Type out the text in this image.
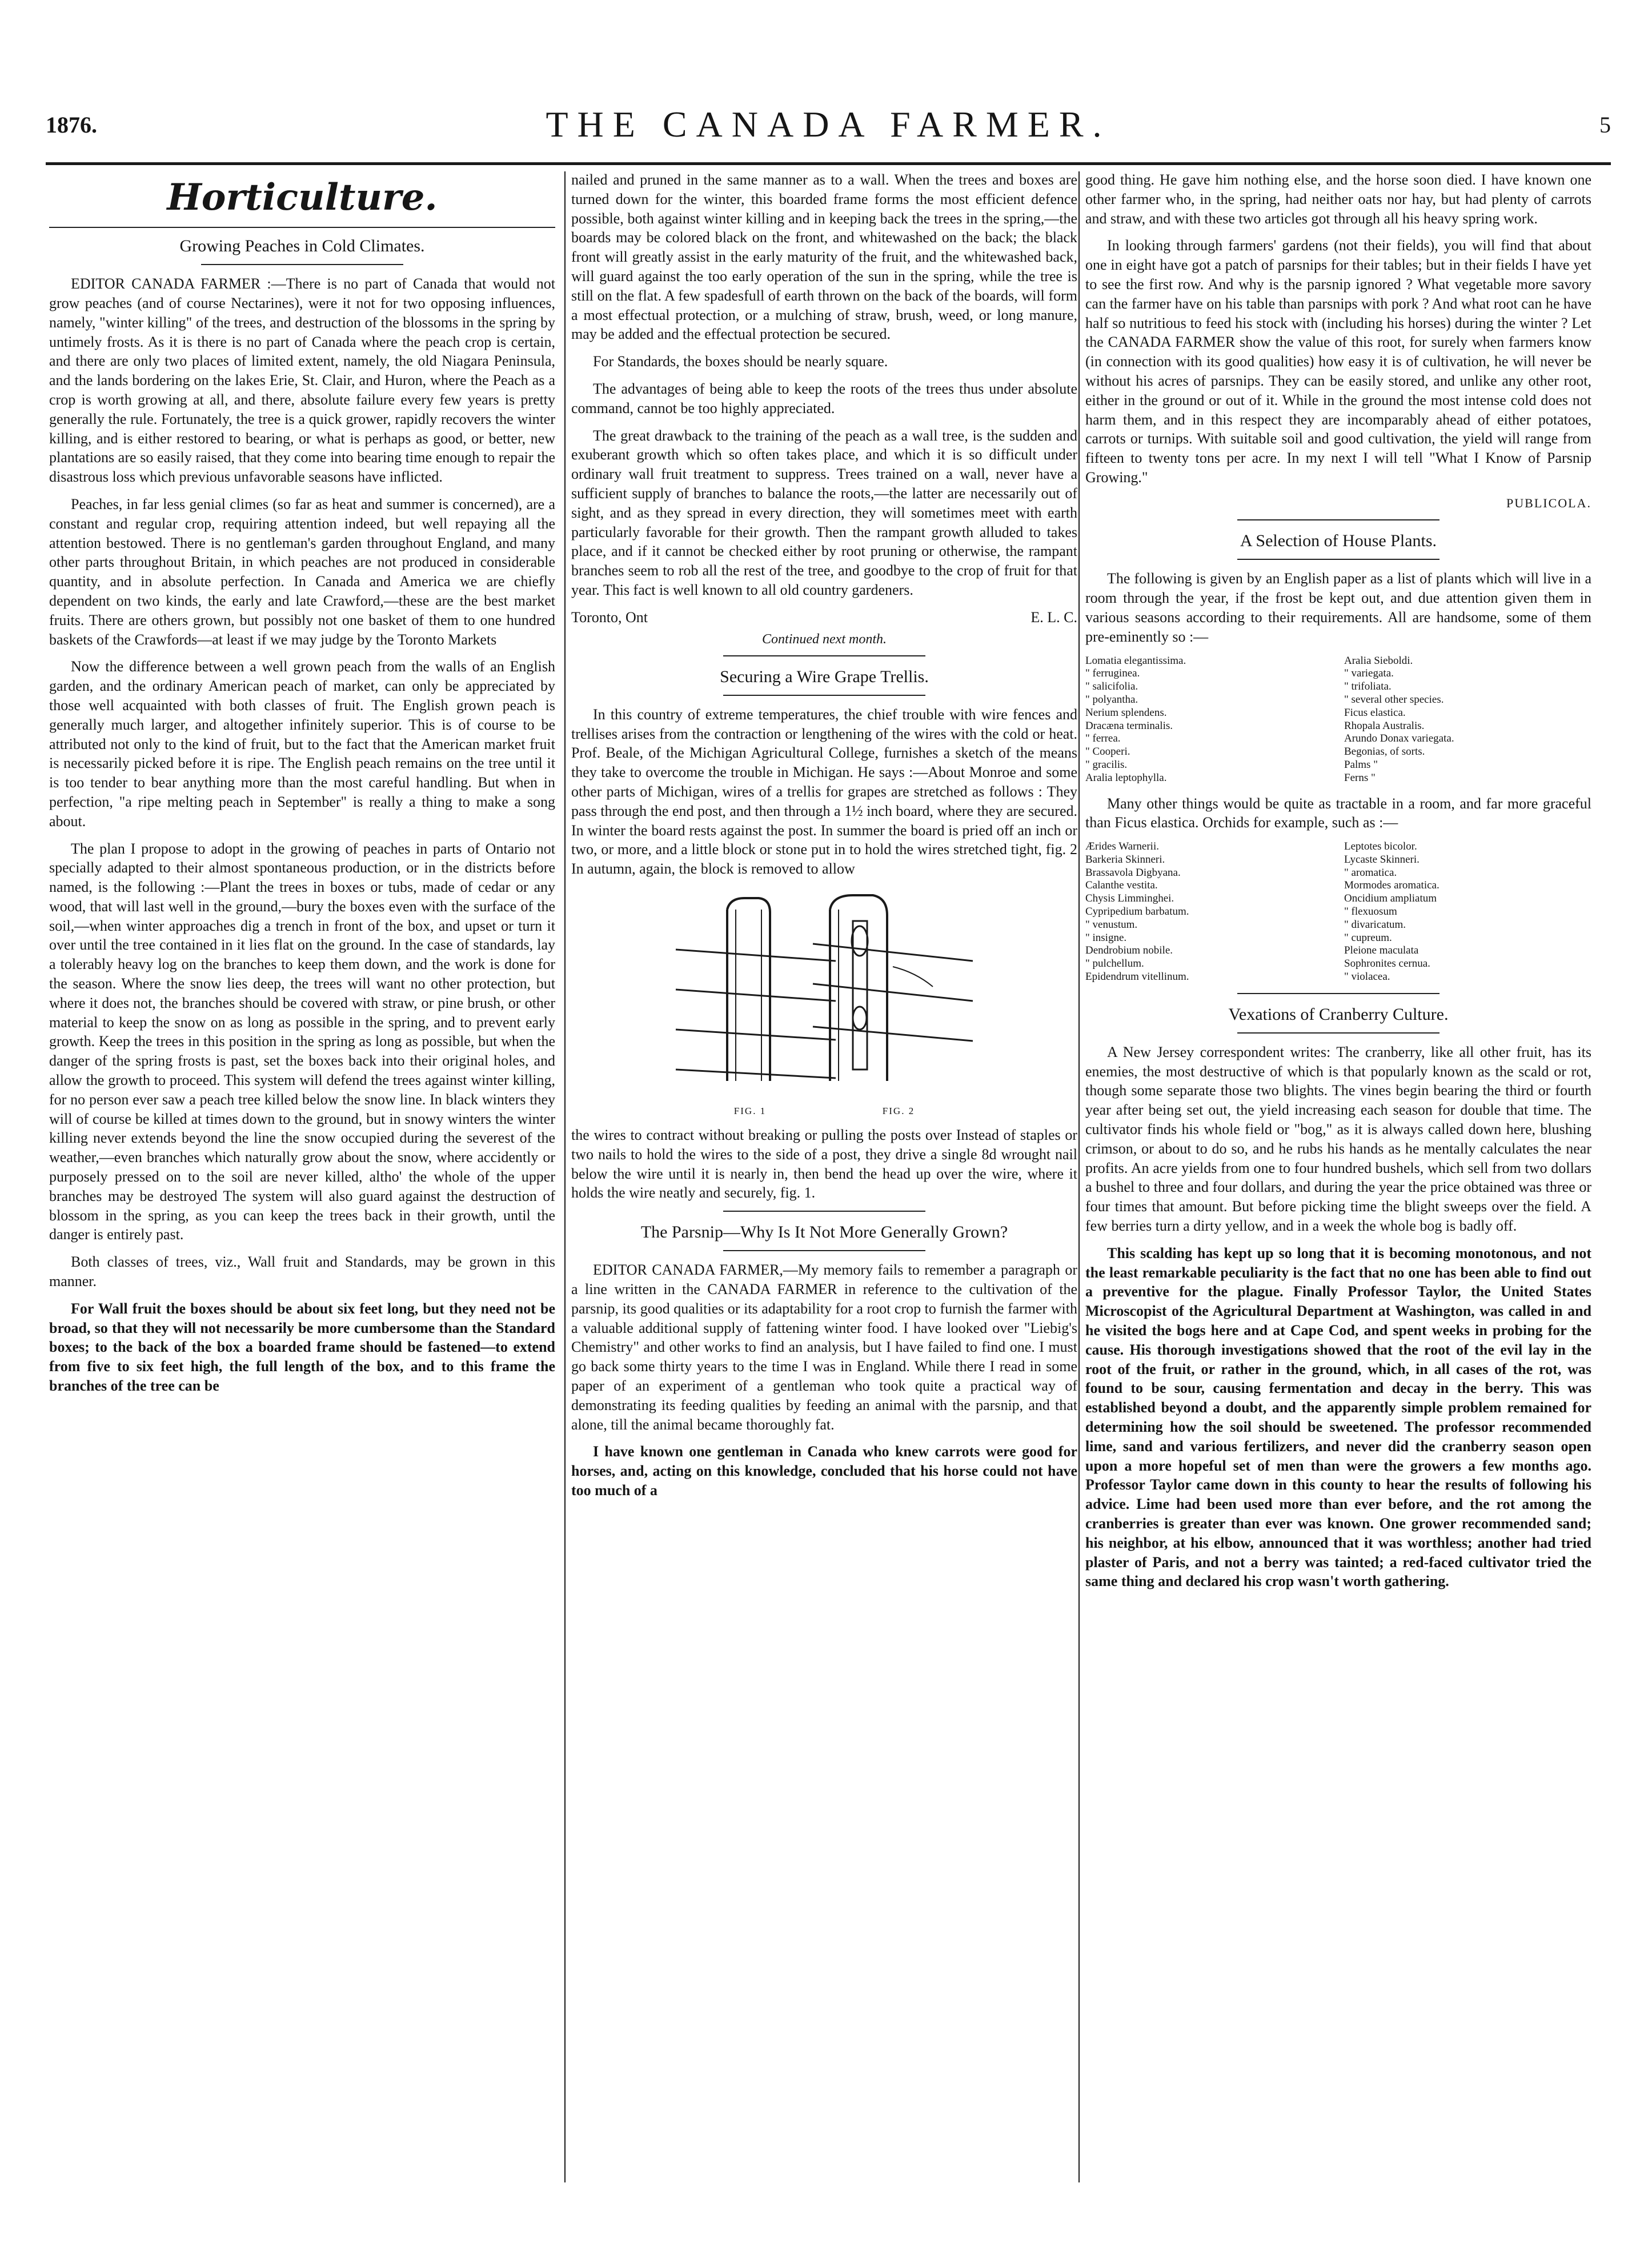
1876.	THE CANADA FARMER.	5
Horticulture.
Growing Peaches in Cold Climates.

EDITOR CANADA FARMER :—There is no part of Canada that would not grow peaches (and of course Nectarines), were it not for two opposing influences, namely, "winter killing" of the trees, and destruction of the blossoms in the spring by untimely frosts. As it is there is no part of Canada where the peach crop is certain, and there are only two places of limited extent, namely, the old Niagara Peninsula, and the lands bordering on the lakes Erie, St. Clair, and Huron, where the Peach as a crop is worth growing at all, and there, absolute failure every few years is pretty generally the rule. Fortunately, the tree is a quick grower, rapidly recovers the winter killing, and is either restored to bearing, or what is perhaps as good, or better, new plantations are so easily raised, that they come into bearing time enough to repair the disastrous loss which previous unfavorable seasons have inflicted.

Peaches, in far less genial climes (so far as heat and summer is concerned), are a constant and regular crop, requiring attention indeed, but well repaying all the attention bestowed. There is no gentleman's garden throughout England, and many other parts throughout Britain, in which peaches are not produced in considerable quantity, and in absolute perfection. In Canada and America we are chiefly dependent on two kinds, the early and late Crawford,—these are the best market fruits. There are others grown, but possibly not one basket of them to one hundred baskets of the Crawfords—at least if we may judge by the Toronto Markets

Now the difference between a well grown peach from the walls of an English garden, and the ordinary American peach of market, can only be appreciated by those well acquainted with both classes of fruit. The English grown peach is generally much larger, and altogether infinitely superior. This is of course to be attributed not only to the kind of fruit, but to the fact that the American market fruit is necessarily picked before it is ripe. The English peach remains on the tree until it is too tender to bear anything more than the most careful handling. But when in perfection, "a ripe melting peach in September" is really a thing to make a song about.

The plan I propose to adopt in the growing of peaches in parts of Ontario not specially adapted to their almost spontaneous production, or in the districts before named, is the following :—Plant the trees in boxes or tubs, made of cedar or any wood, that will last well in the ground,—bury the boxes even with the surface of the soil,—when winter approaches dig a trench in front of the box, and upset or turn it over until the tree contained in it lies flat on the ground. In the case of standards, lay a tolerably heavy log on the branches to keep them down, and the work is done for the season. Where the snow lies deep, the trees will want no other protection, but where it does not, the branches should be covered with straw, or pine brush, or other material to keep the snow on as long as possible in the spring, and to prevent early growth. Keep the trees in this position in the spring as long as possible, but when the danger of the spring frosts is past, set the boxes back into their original holes, and allow the growth to proceed. This system will defend the trees against winter killing, for no person ever saw a peach tree killed below the snow line. In black winters they will of course be killed at times down to the ground, but in snowy winters the winter killing never extends beyond the line the snow occupied during the severest of the weather,—even branches which naturally grow about the snow, where accidently or purposely pressed on to the soil are never killed, altho' the whole of the upper branches may be destroyed The system will also guard against the destruction of blossom in the spring, as you can keep the trees back in their growth, until the danger is entirely past.

Both classes of trees, viz., Wall fruit and Standards, may be grown in this manner.

For Wall fruit the boxes should be about six feet long, but they need not be broad, so that they will not necessarily be more cumbersome than the Standard boxes; to the back of the box a boarded frame should be fastened—to extend from five to six feet high, the full length of the box, and to this frame the branches of the tree can be

nailed and pruned in the same manner as to a wall. When the trees and boxes are turned down for the winter, this boarded frame forms the most efficient defence possible, both against winter killing and in keeping back the trees in the spring,—the boards may be colored black on the front, and whitewashed on the back; the black front will greatly assist in the early maturity of the fruit, and the whitewashed back, will guard against the too early operation of the sun in the spring, while the tree is still on the flat. A few spadesfull of earth thrown on the back of the boards, will form a most effectual protection, or a mulching of straw, brush, weed, or long manure, may be added and the effectual protection be secured.

For Standards, the boxes should be nearly square.

The advantages of being able to keep the roots of the trees thus under absolute command, cannot be too highly appreciated.

The great drawback to the training of the peach as a wall tree, is the sudden and exuberant growth which so often takes place, and which it is so difficult under ordinary wall fruit treatment to suppress. Trees trained on a wall, never have a sufficient supply of branches to balance the roots,—the latter are necessarily out of sight, and as they spread in every direction, they will sometimes meet with earth particularly favorable for their growth. Then the rampant growth alluded to takes place, and if it cannot be checked either by root pruning or otherwise, the rampant branches seem to rob all the rest of the tree, and goodbye to the crop of fruit for that year. This fact is well known to all old country gardeners.

Toronto, Ont	E. L. C.
Continued next month.
Securing a Wire Grape Trellis.

In this country of extreme temperatures, the chief trouble with wire fences and trellises arises from the contraction or lengthening of the wires with the cold or heat. Prof. Beale, of the Michigan Agricultural College, furnishes a sketch of the means they take to overcome the trouble in Michigan. He says :—About Monroe and some other parts of Michigan, wires of a trellis for grapes are stretched as follows : They pass through the end post, and then through a 1½ inch board, where they are secured. In winter the board rests against the post. In summer the board is pried off an inch or two, or more, and a little block or stone put in to hold the wires stretched tight, fig. 2 In autumn, again, the block is removed to allow

FIG. 1	FIG. 2

the wires to contract without breaking or pulling the posts over Instead of staples or two nails to hold the wires to the side of a post, they drive a single 8d wrought nail below the wire until it is nearly in, then bend the head up over the wire, where it holds the wire neatly and securely, fig. 1.

The Parsnip—Why Is It Not More Generally Grown?

EDITOR CANADA FARMER,—My memory fails to remember a paragraph or a line written in the CANADA FARMER in reference to the cultivation of the parsnip, its good qualities or its adaptability for a root crop to furnish the farmer with a valuable additional supply of fattening winter food. I have looked over "Liebig's Chemistry" and other works to find an analysis, but I have failed to find one. I must go back some thirty years to the time I was in England. While there I read in some paper of an experiment of a gentleman who took quite a practical way of demonstrating its feeding qualities by feeding an animal with the parsnip, and that alone, till the animal became thoroughly fat.

I have known one gentleman in Canada who knew carrots were good for horses, and, acting on this knowledge, concluded that his horse could not have too much of a

good thing. He gave him nothing else, and the horse soon died. I have known one other farmer who, in the spring, had neither oats nor hay, but had plenty of carrots and straw, and with these two articles got through all his heavy spring work.

In looking through farmers' gardens (not their fields), you will find that about one in eight have got a patch of parsnips for their tables; but in their fields I have yet to see the first row. And why is the parsnip ignored ? What vegetable more savory can the farmer have on his table than parsnips with pork ? And what root can he have half so nutritious to feed his stock with (including his horses) during the winter ? Let the CANADA FARMER show the value of this root, for surely when farmers know (in connection with its good qualities) how easy it is of cultivation, he will never be without his acres of parsnips. They can be easily stored, and unlike any other root, either in the ground or out of it. While in the ground the most intense cold does not harm them, and in this respect they are incomparably ahead of either potatoes, carrots or turnips. With suitable soil and good cultivation, the yield will range from fifteen to twenty tons per acre. In my next I will tell "What I Know of Parsnip Growing."

PUBLICOLA.
A Selection of House Plants.

The following is given by an English paper as a list of plants which will live in a room through the year, if the frost be kept out, and due attention given them in various seasons according to their requirements. All are handsome, some of them pre-eminently so :—

Lomatia elegantissima.	Aralia Sieboldi.
" ferruginea.	" variegata.
" salicifolia.	" trifoliata.
" polyantha.	" several other species.
Nerium splendens.	Ficus elastica.
Dracæna terminalis.	Rhopala Australis.
" ferrea.	Arundo Donax variegata.
" Cooperi.	Begonias, of sorts.
" gracilis.	Palms "
Aralia leptophylla.	Ferns "

Many other things would be quite as tractable in a room, and far more graceful than Ficus elastica. Orchids for example, such as :—

Ærides Warnerii.	Leptotes bicolor.
Barkeria Skinneri.	Lycaste Skinneri.
Brassavola Digbyana.	" aromatica.
Calanthe vestita.	Mormodes aromatica.
Chysis Limminghei.	Oncidium ampliatum
Cypripedium barbatum.	" flexuosum
" venustum.	" divaricatum.
" insigne.	" cupreum.
Dendrobium nobile.	Pleione maculata
" pulchellum.	Sophronites cernua.
Epidendrum vitellinum.	" violacea.
Vexations of Cranberry Culture.

A New Jersey correspondent writes: The cranberry, like all other fruit, has its enemies, the most destructive of which is that popularly known as the scald or rot, though some separate those two blights. The vines begin bearing the third or fourth year after being set out, the yield increasing each season for double that time. The cultivator finds his whole field or "bog," as it is always called down here, blushing crimson, or about to do so, and he rubs his hands as he mentally calculates the near profits. An acre yields from one to four hundred bushels, which sell from two dollars a bushel to three and four dollars, and during the year the price obtained was three or four times that amount. But before picking time the blight sweeps over the field. A few berries turn a dirty yellow, and in a week the whole bog is badly off.

This scalding has kept up so long that it is becoming monotonous, and not the least remarkable peculiarity is the fact that no one has been able to find out a preventive for the plague. Finally Professor Taylor, the United States Microscopist of the Agricultural Department at Washington, was called in and he visited the bogs here and at Cape Cod, and spent weeks in probing for the cause. His thorough investigations showed that the root of the evil lay in the root of the fruit, or rather in the ground, which, in all cases of the rot, was found to be sour, causing fermentation and decay in the berry. This was established beyond a doubt, and the apparently simple problem remained for determining how the soil should be sweetened. The professor recommended lime, sand and various fertilizers, and never did the cranberry season open upon a more hopeful set of men than were the growers a few months ago. Professor Taylor came down in this county to hear the results of following his advice. Lime had been used more than ever before, and the rot among the cranberries is greater than ever was known. One grower recommended sand; his neighbor, at his elbow, announced that it was worthless; another had tried plaster of Paris, and not a berry was tainted; a red-faced cultivator tried the same thing and declared his crop wasn't worth gathering.
